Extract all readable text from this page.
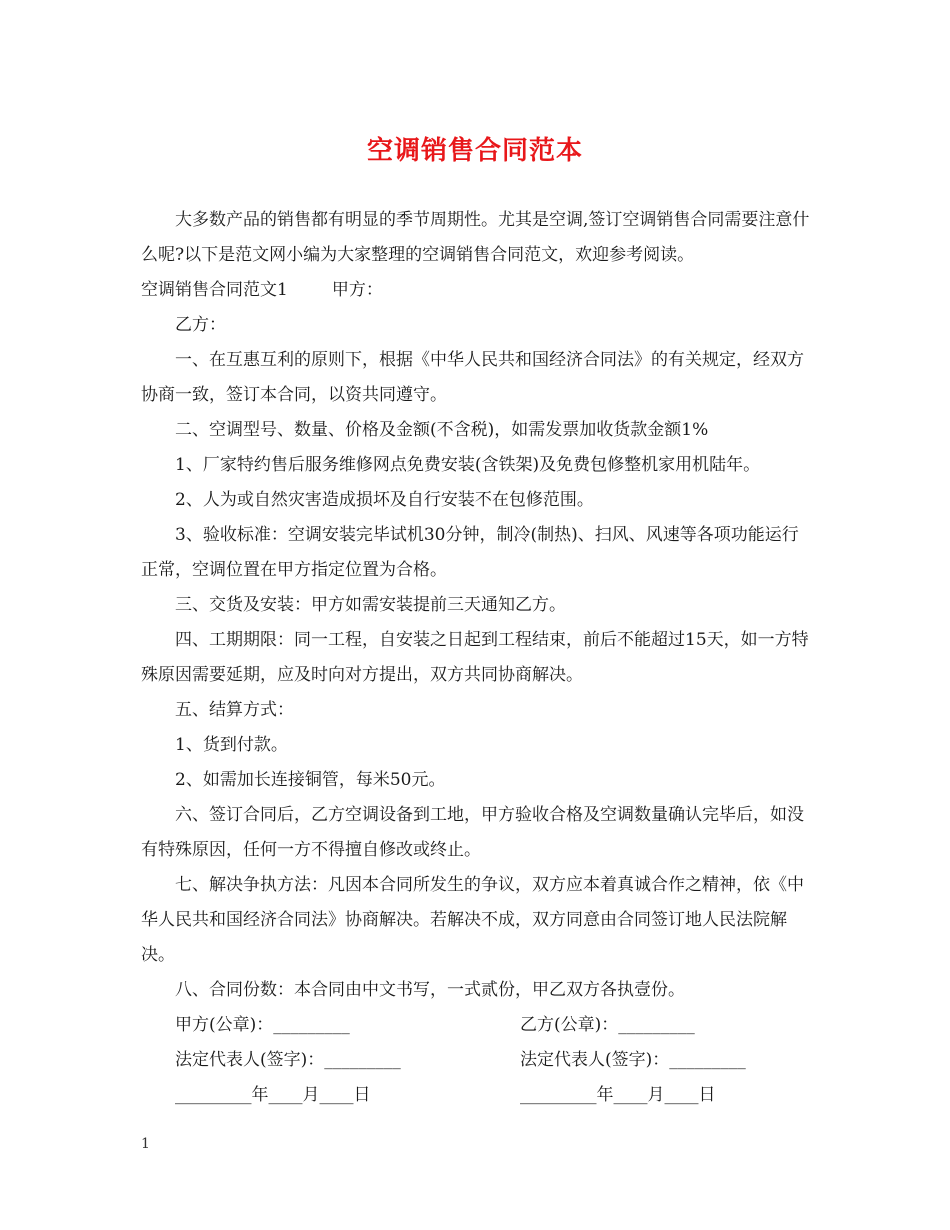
空调销售合同范本

大多数产品的销售都有明显的季节周期性。尤其是空调,签订空调销售合同需要注意什么呢?以下是范文网小编为大家整理的空调销售合同范文，欢迎参考阅读。

空调销售合同范文1	甲方：

乙方：

一、在互惠互利的原则下，根据《中华人民共和国经济合同法》的有关规定，经双方协商一致，签订本合同，以资共同遵守。

二、空调型号、数量、价格及金额(不含税)，如需发票加收货款金额1%

1、厂家特约售后服务维修网点免费安装(含铁架)及免费包修整机家用机陆年。

2、人为或自然灾害造成损坏及自行安装不在包修范围。

3、验收标准：空调安装完毕试机30分钟，制冷(制热)、扫风、风速等各项功能运行正常，空调位置在甲方指定位置为合格。

三、交货及安装：甲方如需安装提前三天通知乙方。

四、工期期限：同一工程，自安装之日起到工程结束，前后不能超过15天，如一方特殊原因需要延期，应及时向对方提出，双方共同协商解决。

五、结算方式：

1、货到付款。

2、如需加长连接铜管，每米50元。

六、签订合同后，乙方空调设备到工地，甲方验收合格及空调数量确认完毕后，如没有特殊原因，任何一方不得擅自修改或终止。

七、解决争执方法：凡因本合同所发生的争议，双方应本着真诚合作之精神，依《中华人民共和国经济合同法》协商解决。若解决不成，双方同意由合同签订地人民法院解决。

八、合同份数：本合同由中文书写，一式贰份，甲乙双方各执壹份。

甲方(公章)：_________	乙方(公章)：_________
法定代表人(签字)：_________	法定代表人(签字)：_________
_________年____月____日	_________年____月____日
1
